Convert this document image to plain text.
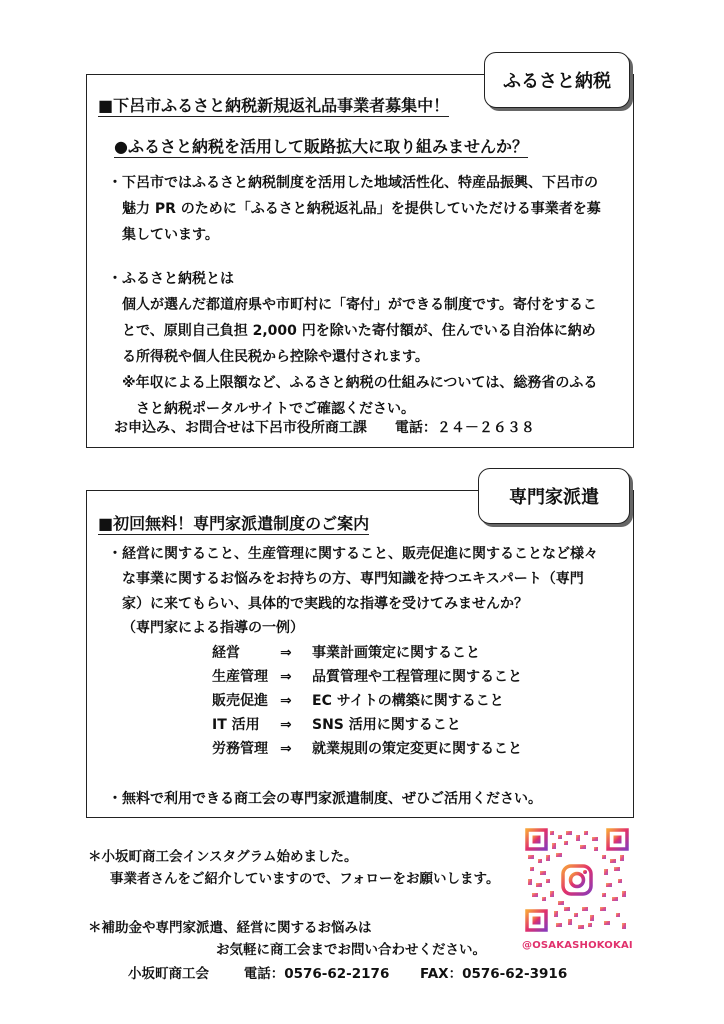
ふるさと納税
■下呂市ふるさと納税新規返礼品事業者募集中！
●ふるさと納税を活用して販路拡大に取り組みませんか？
・下呂市ではふるさと納税制度を活用した地域活性化、特産品振興、下呂市の
魅力 PR のために「ふるさと納税返礼品」を提供していただける事業者を募
集しています。
・ふるさと納税とは
個人が選んだ都道府県や市町村に「寄付」ができる制度です。寄付をするこ
とで、原則自己負担 2,000 円を除いた寄付額が、住んでいる自治体に納め
る所得税や個人住民税から控除や還付されます。
※年収による上限額など、ふるさと納税の仕組みについては、総務省のふる
さと納税ポータルサイトでご確認ください。
お申込み、お問合せは下呂市役所商工課　　電話：２４－２６３８
専門家派遣
■初回無料！専門家派遣制度のご案内
・経営に関すること、生産管理に関すること、販売促進に関することなど様々
な事業に関するお悩みをお持ちの方、専門知識を持つエキスパート（専門
家）に来てもらい、具体的で実践的な指導を受けてみませんか？
（専門家による指導の一例）
経営	⇒ 事業計画策定に関すること
生産管理 ⇒ 品質管理や工程管理に関すること
販売促進 ⇒ EC サイトの構築に関すること
IT 活用 ⇒ SNS 活用に関すること
労務管理 ⇒ 就業規則の策定変更に関すること
・無料で利用できる商工会の専門家派遣制度、ぜひご活用ください。
＊小坂町商工会インスタグラム始めました。
事業者さんをご紹介していますので、フォローをお願いします。
＊補助金や専門家派遣、経営に関するお悩みは
お気軽に商工会までお問い合わせください。
小坂町商工会	電話：0576-62-2176 FAX：0576-62-3916
@OSAKASHOKOKAI
